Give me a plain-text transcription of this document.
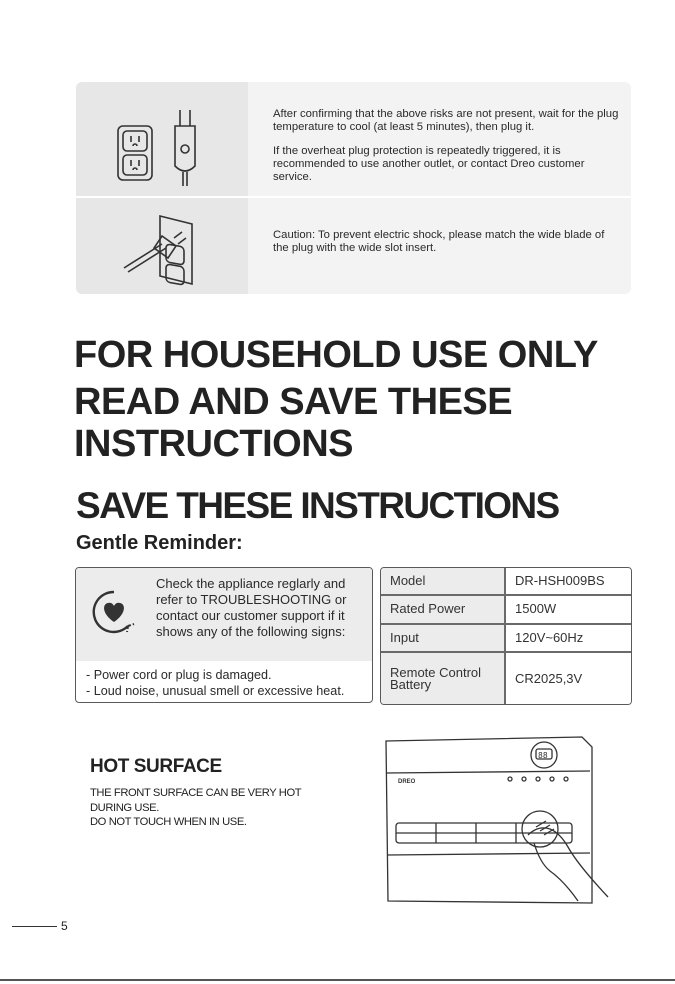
After confirming that the above risks are not present, wait for the plug temperature to cool (at least 5 minutes), then plug it.

If the overheat plug protection is repeatedly triggered, it is recommended to use another outlet, or contact Dreo customer service.

Caution: To prevent electric shock, please match the wide blade of the plug with the wide slot insert.

FOR HOUSEHOLD USE ONLY
READ AND SAVE THESE
INSTRUCTIONS
SAVE THESE INSTRUCTIONS
Gentle Reminder:
Check the appliance reglarly and refer to TROUBLESHOOTING or contact our customer support if it shows any of the following signs:
- Power cord or plug is damaged.
- Loud noise, unusual smell or excessive heat.
Model	DR-HSH009BS
Rated Power	1500W
Input	120V~60Hz
Remote Control Battery	CR2025,3V
HOT SURFACE
THE FRONT SURFACE CAN BE VERY HOT
DURING USE.
DO NOT TOUCH WHEN IN USE.
DREO
88
5
